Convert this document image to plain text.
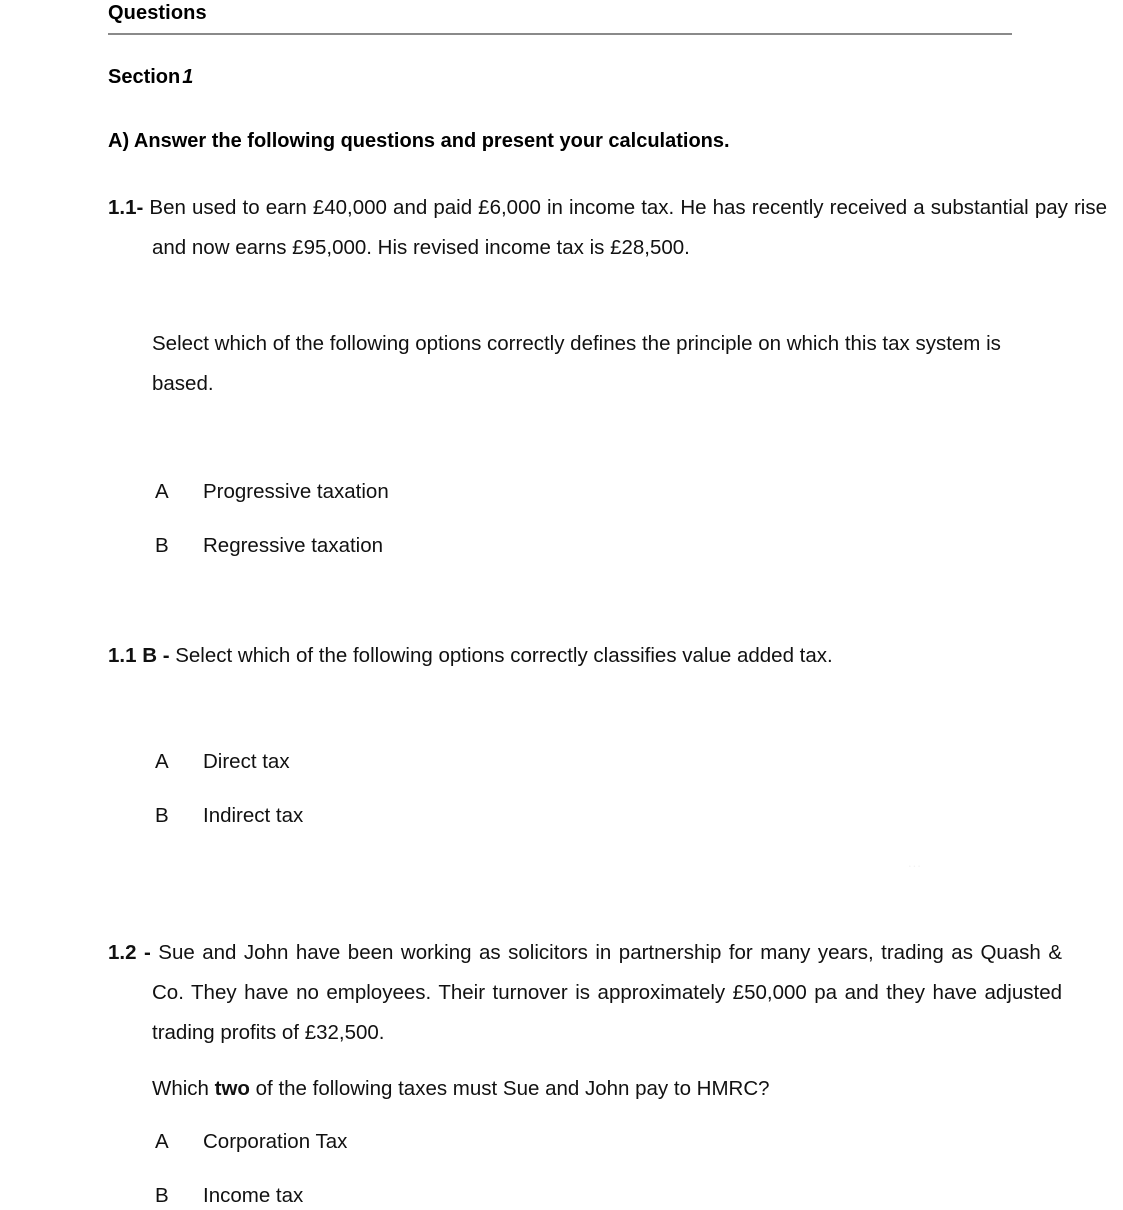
Questions
Section 1
A) Answer the following questions and present your calculations.
1.1- Ben used to earn £40,000 and paid £6,000 in income tax. He has recently received a substantial pay rise and now earns £95,000. His revised income tax is £28,500.
Select which of the following options correctly defines the principle on which this tax system is based.
A Progressive taxation
B Regressive taxation
1.1 B - Select which of the following options correctly classifies value added tax.
A Direct tax
B Indirect tax
...
1.2 - Sue and John have been working as solicitors in partnership for many years, trading as Quash & Co. They have no employees. Their turnover is approximately £50,000 pa and they have adjusted trading profits of £32,500.
Which two of the following taxes must Sue and John pay to HMRC?
A Corporation Tax
B Income tax
